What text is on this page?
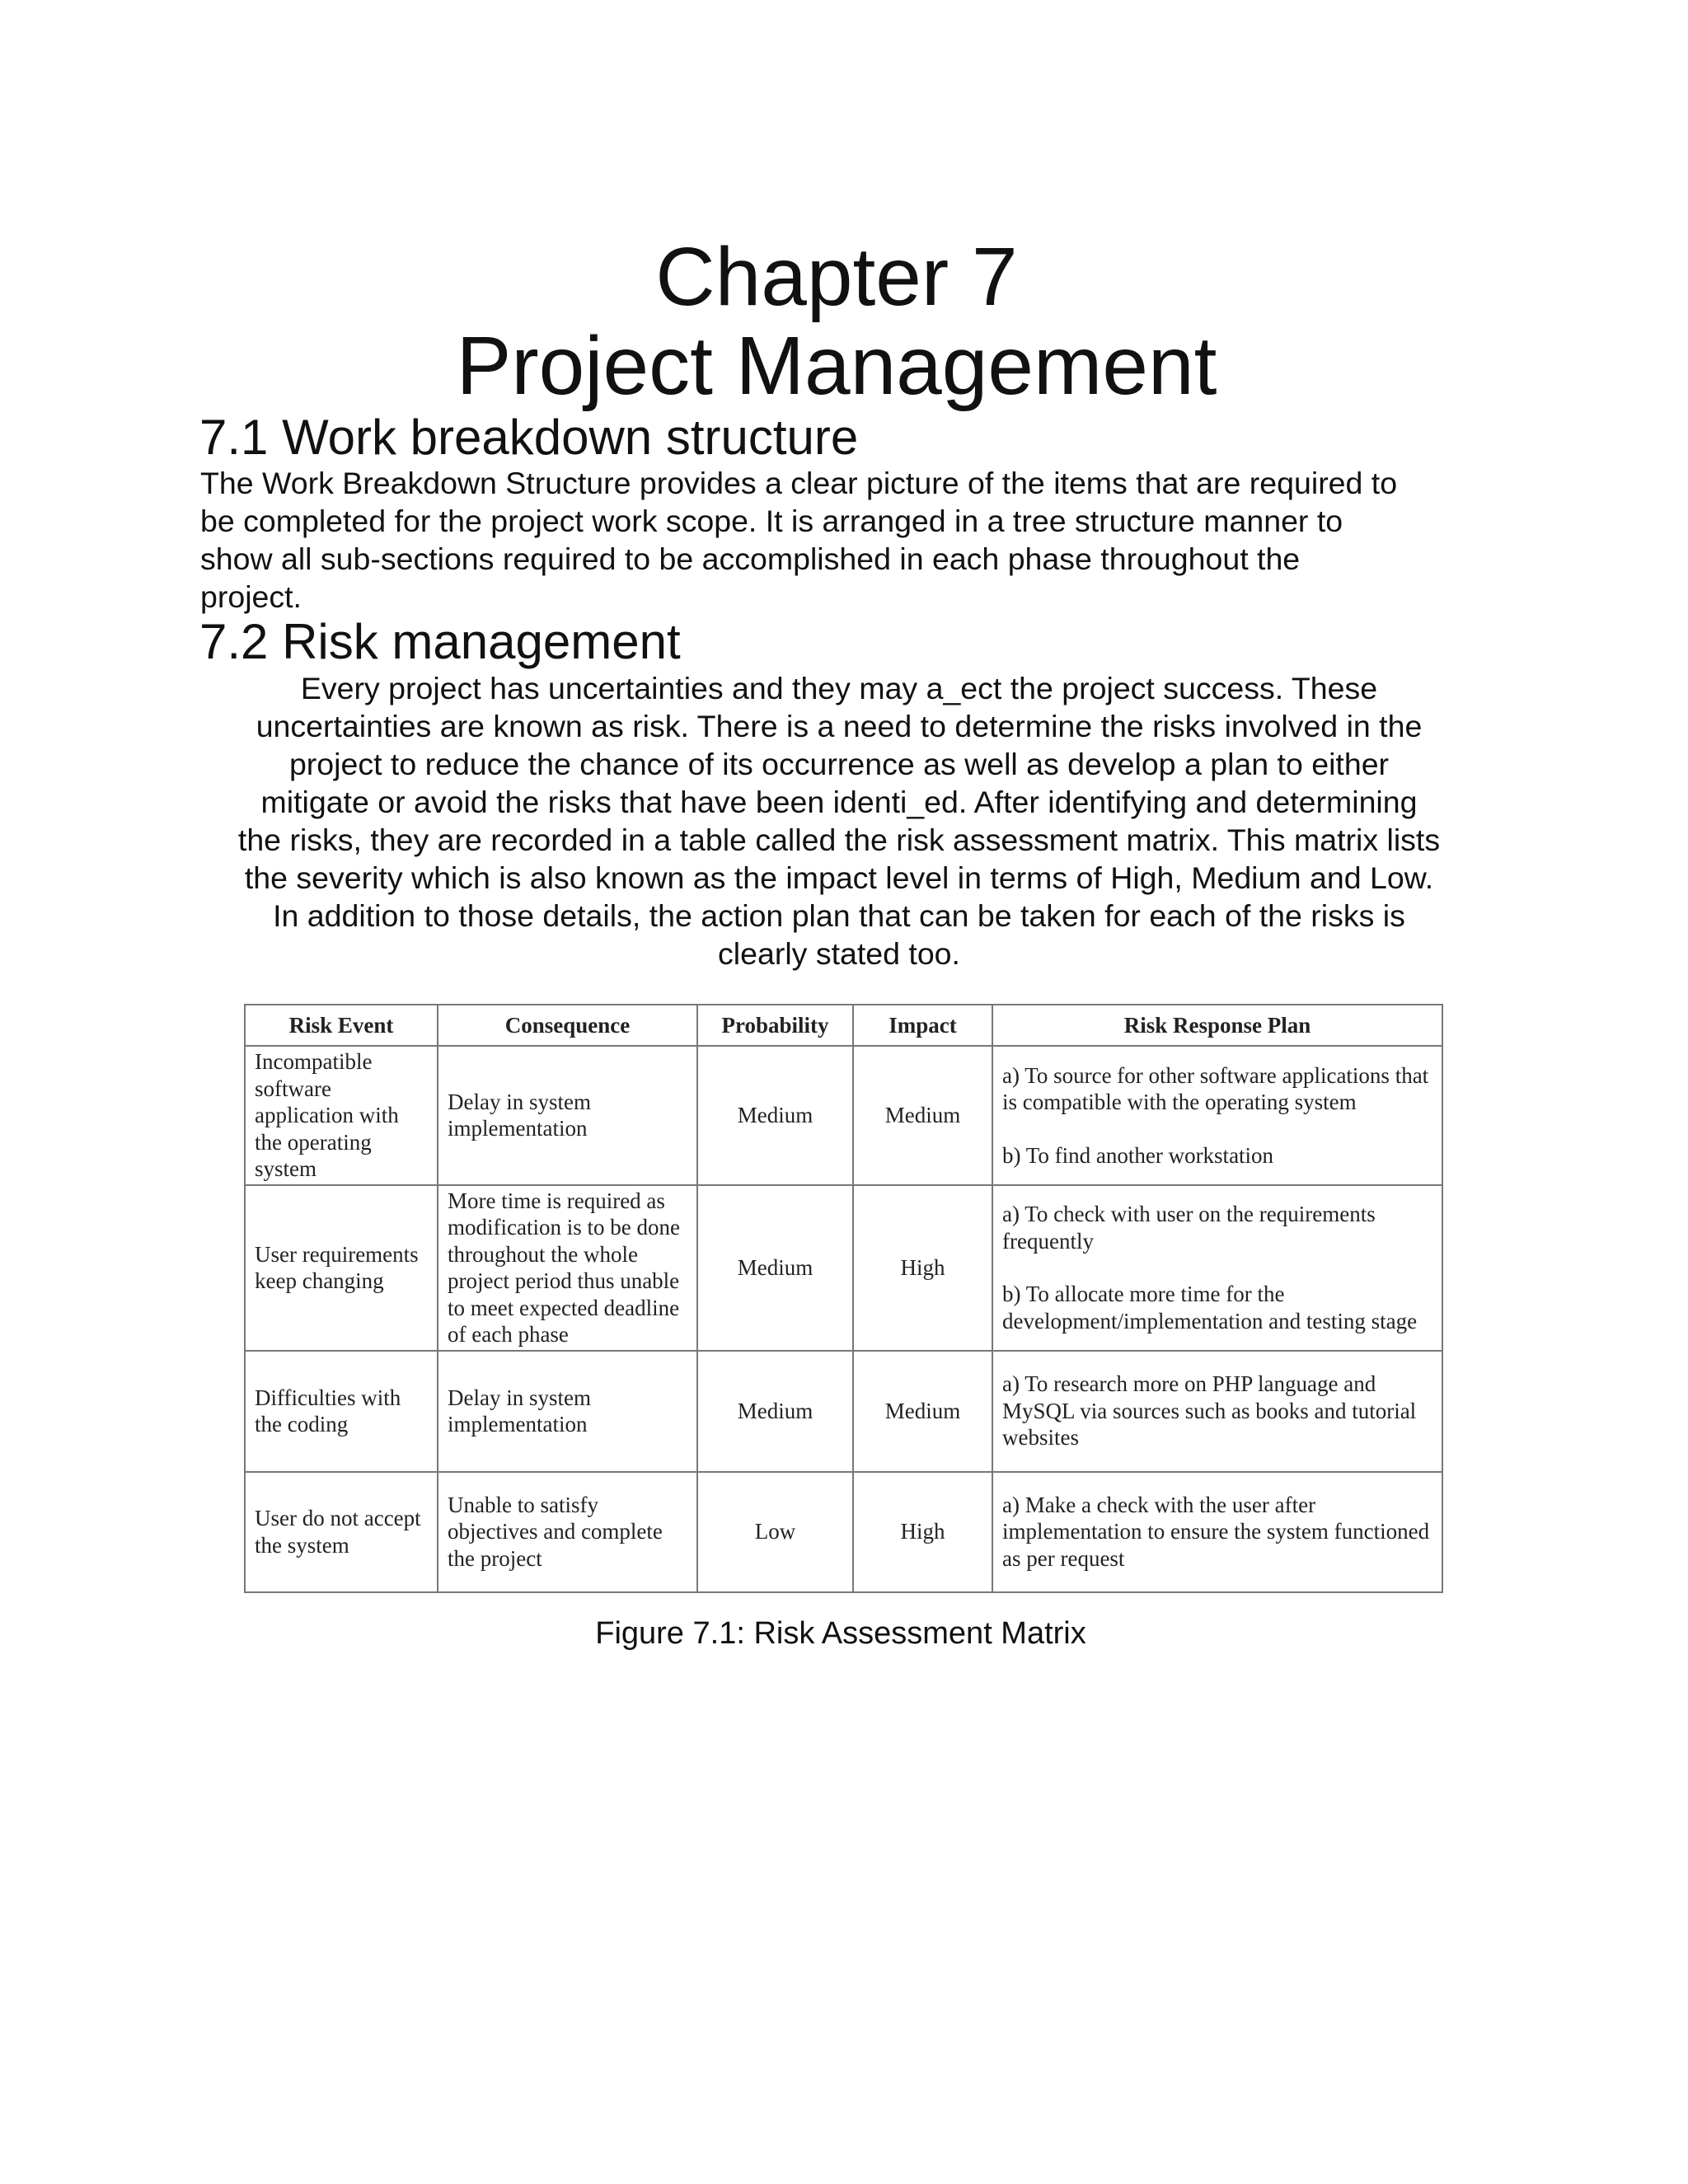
Chapter 7
Project Management
7.1 Work breakdown structure
The Work Breakdown Structure provides a clear picture of the items that are required to
be completed for the project work scope. It is arranged in a tree structure manner to
show all sub-sections required to be accomplished in each phase throughout the
project.
7.2 Risk management
Every project has uncertainties and they may a_ect the project success. These
uncertainties are known as risk. There is a need to determine the risks involved in the
project to reduce the chance of its occurrence as well as develop a plan to either
mitigate or avoid the risks that have been identi_ed. After identifying and determining
the risks, they are recorded in a table called the risk assessment matrix. This matrix lists
the severity which is also known as the impact level in terms of High, Medium and Low.
In addition to those details, the action plan that can be taken for each of the risks is
clearly stated too.
Risk Event	Consequence	Probability	Impact	Risk Response Plan
Incompatible software application with the operating system	Delay in system implementation	Medium	Medium	a) To source for other software applications that is compatible with the operating system
b) To find another workstation

User requirements keep changing	More time is required as modification is to be done throughout the whole project period thus unable to meet expected deadline of each phase	Medium	High	a) To check with user on the requirements frequently
b) To allocate more time for the development/implementation and testing stage

Difficulties with the coding	Delay in system implementation	Medium	Medium	a) To research more on PHP language and MySQL via sources such as books and tutorial websites
User do not accept the system	Unable to satisfy objectives and complete the project	Low	High	a) Make a check with the user after implementation to ensure the system functioned as per request
Figure 7.1: Risk Assessment Matrix
